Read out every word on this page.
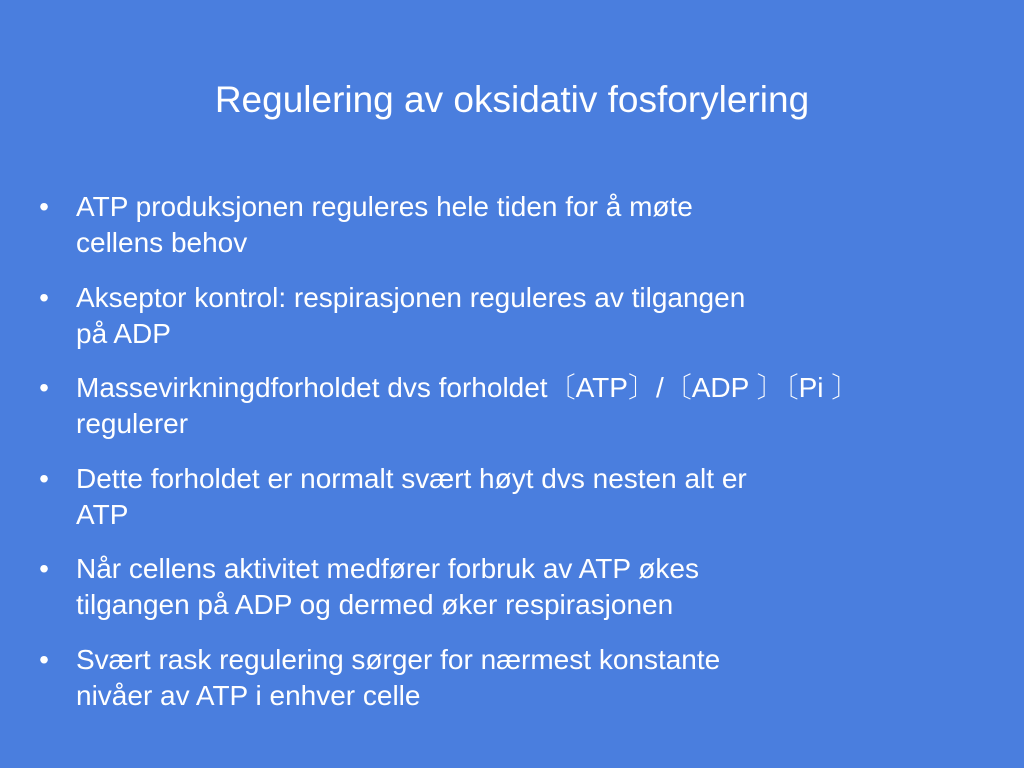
Regulering av oksidativ fosforylering
• ATP produksjonen reguleres hele tiden for å møte
cellens behov
• Akseptor kontrol: respirasjonen reguleres av tilgangen
på ADP
• Massevirkningdforholdet dvs forholdet〔ATP〕/〔ADP 〕〔Pi 〕
regulerer
• Dette forholdet er normalt svært høyt dvs nesten alt er
ATP
• Når cellens aktivitet medfører forbruk av ATP økes
tilgangen på ADP og dermed øker respirasjonen
• Svært rask regulering sørger for nærmest konstante
nivåer av ATP i enhver celle
